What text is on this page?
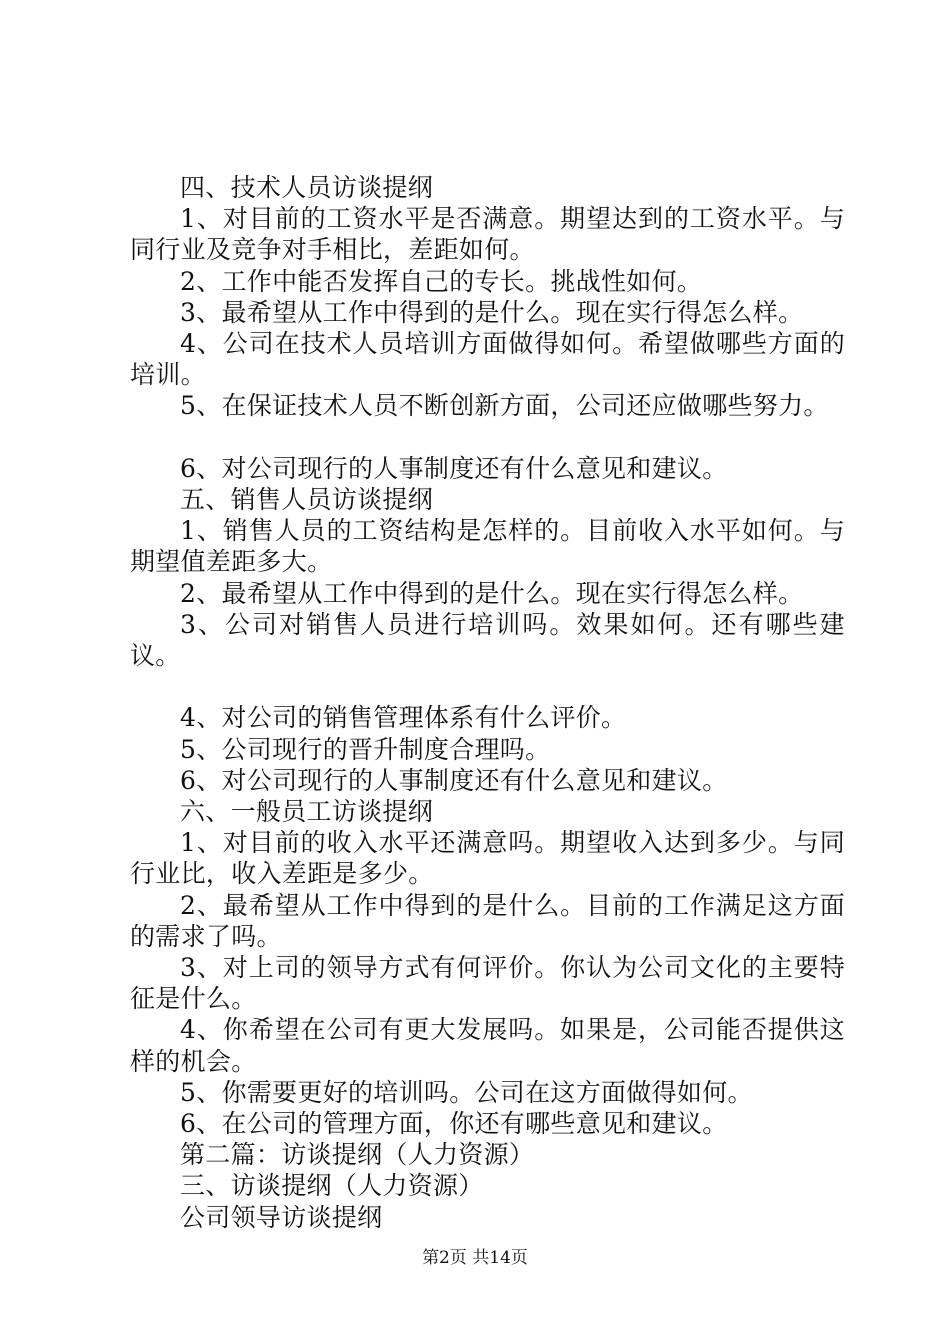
四、技术人员访谈提纲

1、对目前的工资水平是否满意。期望达到的工资水平。与同行业及竞争对手相比，差距如何。

2、工作中能否发挥自己的专长。挑战性如何。

3、最希望从工作中得到的是什么。现在实行得怎么样。

4、公司在技术人员培训方面做得如何。希望做哪些方面的培训。

5、在保证技术人员不断创新方面，公司还应做哪些努力。

6、对公司现行的人事制度还有什么意见和建议。

五、销售人员访谈提纲

1、销售人员的工资结构是怎样的。目前收入水平如何。与期望值差距多大。

2、最希望从工作中得到的是什么。现在实行得怎么样。

3、公司对销售人员进行培训吗。效果如何。还有哪些建议。

4、对公司的销售管理体系有什么评价。

5、公司现行的晋升制度合理吗。

6、对公司现行的人事制度还有什么意见和建议。

六、一般员工访谈提纲

1、对目前的收入水平还满意吗。期望收入达到多少。与同行业比，收入差距是多少。

2、最希望从工作中得到的是什么。目前的工作满足这方面的需求了吗。

3、对上司的领导方式有何评价。你认为公司文化的主要特征是什么。

4、你希望在公司有更大发展吗。如果是，公司能否提供这样的机会。

5、你需要更好的培训吗。公司在这方面做得如何。

6、在公司的管理方面，你还有哪些意见和建议。

第二篇：访谈提纲（人力资源）

三、访谈提纲（人力资源）

公司领导访谈提纲

第2页 共14页
